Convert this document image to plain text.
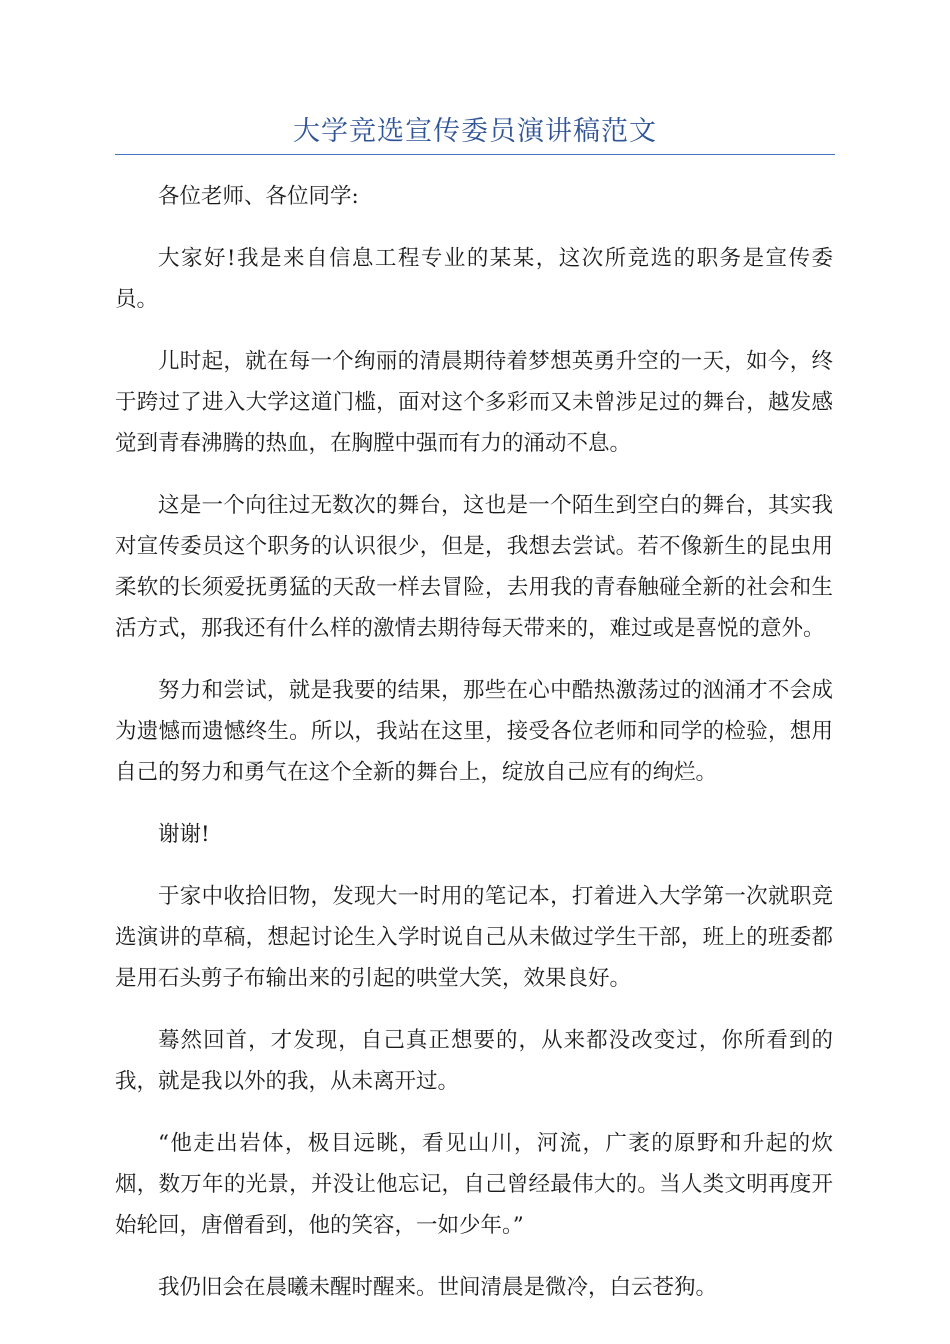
大学竞选宣传委员演讲稿范文

各位老师、各位同学:

大家好!我是来自信息工程专业的某某，这次所竞选的职务是宣传委员。

儿时起，就在每一个绚丽的清晨期待着梦想英勇升空的一天，如今，终于跨过了进入大学这道门槛，面对这个多彩而又未曾涉足过的舞台，越发感觉到青春沸腾的热血，在胸膛中强而有力的涌动不息。

这是一个向往过无数次的舞台，这也是一个陌生到空白的舞台，其实我对宣传委员这个职务的认识很少，但是，我想去尝试。若不像新生的昆虫用柔软的长须爱抚勇猛的天敌一样去冒险，去用我的青春触碰全新的社会和生活方式，那我还有什么样的激情去期待每天带来的，难过或是喜悦的意外。

努力和尝试，就是我要的结果，那些在心中酷热激荡过的汹涌才不会成为遗憾而遗憾终生。所以，我站在这里，接受各位老师和同学的检验，想用自己的努力和勇气在这个全新的舞台上，绽放自己应有的绚烂。

谢谢!

于家中收拾旧物，发现大一时用的笔记本，打着进入大学第一次就职竞选演讲的草稿，想起讨论生入学时说自己从未做过学生干部，班上的班委都是用石头剪子布输出来的引起的哄堂大笑，效果良好。

蓦然回首，才发现，自己真正想要的，从来都没改变过，你所看到的我，就是我以外的我，从未离开过。

“他走出岩体，极目远眺，看见山川，河流，广袤的原野和升起的炊烟，数万年的光景，并没让他忘记，自己曾经最伟大的。当人类文明再度开始轮回，唐僧看到，他的笑容，一如少年。”

我仍旧会在晨曦未醒时醒来。世间清晨是微冷，白云苍狗。
